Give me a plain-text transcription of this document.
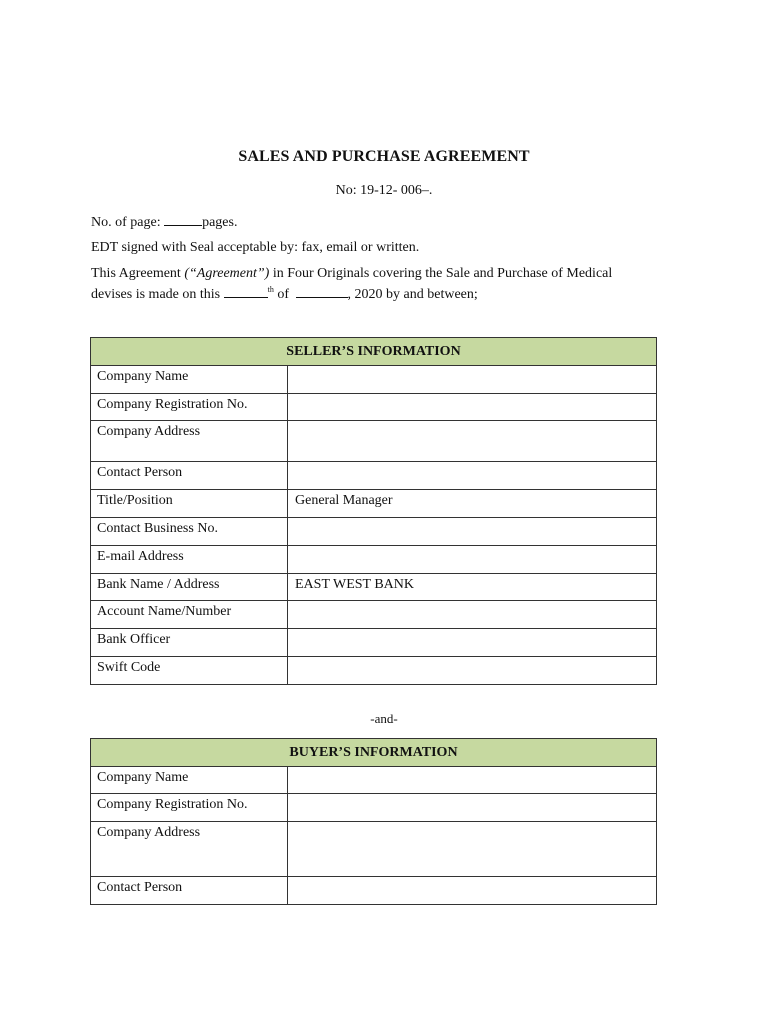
SALES AND PURCHASE AGREEMENT
No: 19-12- 006–.
No. of page:	pages.
EDT signed with Seal acceptable by: fax, email or written.
This Agreement (“Agreement”) in Four Originals covering the Sale and Purchase of Medical
devises is made on this	$^{th}$ of	, 2020 by and between;
SELLER’S INFORMATION	
Company Name	
Company Registration No.	
Company Address	
Contact Person	
Title/Position	General Manager
Contact Business No.	
E-mail Address	
Bank Name / Address	EAST WEST BANK
Account Name/Number	
Bank Officer	
Swift Code	
-and-
BUYER’S INFORMATION	
Company Name	
Company Registration No.	
Company Address	
Contact Person	
